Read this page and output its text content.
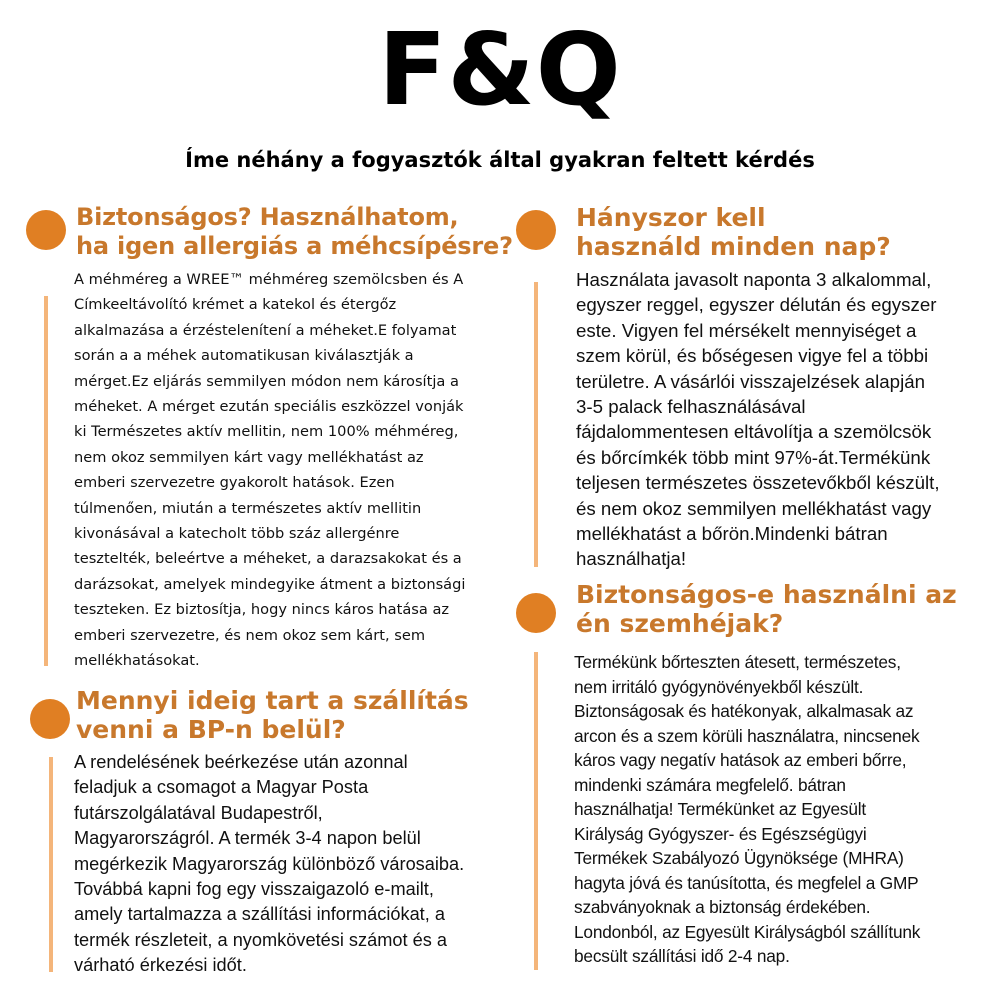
F&Q
Íme néhány a fogyasztók által gyakran feltett kérdés
Biztonságos? Használhatom,
ha igen allergiás a méhcsípésre?
A méhméreg a WREE™ méhméreg szemölcsben és A
Címkeeltávolító krémet a katekol és étergőz
alkalmazása a érzéstelenítení a méheket.E folyamat
során a a méhek automatikusan kiválasztják a
mérget.Ez eljárás semmilyen módon nem károsítja a
méheket. A mérget ezután speciális eszközzel vonják
ki Természetes aktív mellitin, nem 100% méhméreg,
nem okoz semmilyen kárt vagy mellékhatást az
emberi szervezetre gyakorolt hatások. Ezen
túlmenően, miután a természetes aktív mellitin
kivonásával a katecholt több száz allergénre
tesztelték, beleértve a méheket, a darazsakokat és a
darázsokat, amelyek mindegyike átment a biztonsági
teszteken. Ez biztosítja, hogy nincs káros hatása az
emberi szervezetre, és nem okoz sem kárt, sem
mellékhatásokat.
Hányszor kell
használd minden nap?
Használata javasolt naponta 3 alkalommal,
egyszer reggel, egyszer délután és egyszer
este. Vigyen fel mérsékelt mennyiséget a
szem körül, és bőségesen vigye fel a többi
területre. A vásárlói visszajelzések alapján
3-5 palack felhasználásával
fájdalommentesen eltávolítja a szemölcsök
és bőrcímkék több mint 97%-át.Termékünk
teljesen természetes összetevőkből készült,
és nem okoz semmilyen mellékhatást vagy
mellékhatást a bőrön.Mindenki bátran
használhatja!
Biztonságos-e használni az
én szemhéjak?
Termékünk bőrteszten átesett, természetes,
nem irritáló gyógynövényekből készült.
Biztonságosak és hatékonyak, alkalmasak az
arcon és a szem körüli használatra, nincsenek
káros vagy negatív hatások az emberi bőrre,
mindenki számára megfelelő. bátran
használhatja! Termékünket az Egyesült
Királyság Gyógyszer- és Egészségügyi
Termékek Szabályozó Ügynöksége (MHRA)
hagyta jóvá és tanúsította, és megfelel a GMP
szabványoknak a biztonság érdekében.
Londonból, az Egyesült Királyságból szállítunk
becsült szállítási idő 2-4 nap.
Mennyi ideig tart a szállítás
venni a BP-n belül?
A rendelésének beérkezése után azonnal
feladjuk a csomagot a Magyar Posta
futárszolgálatával Budapestről,
Magyarországról. A termék 3-4 napon belül
megérkezik Magyarország különböző városaiba.
Továbbá kapni fog egy visszaigazoló e-mailt,
amely tartalmazza a szállítási információkat, a
termék részleteit, a nyomkövetési számot és a
várható érkezési időt.
